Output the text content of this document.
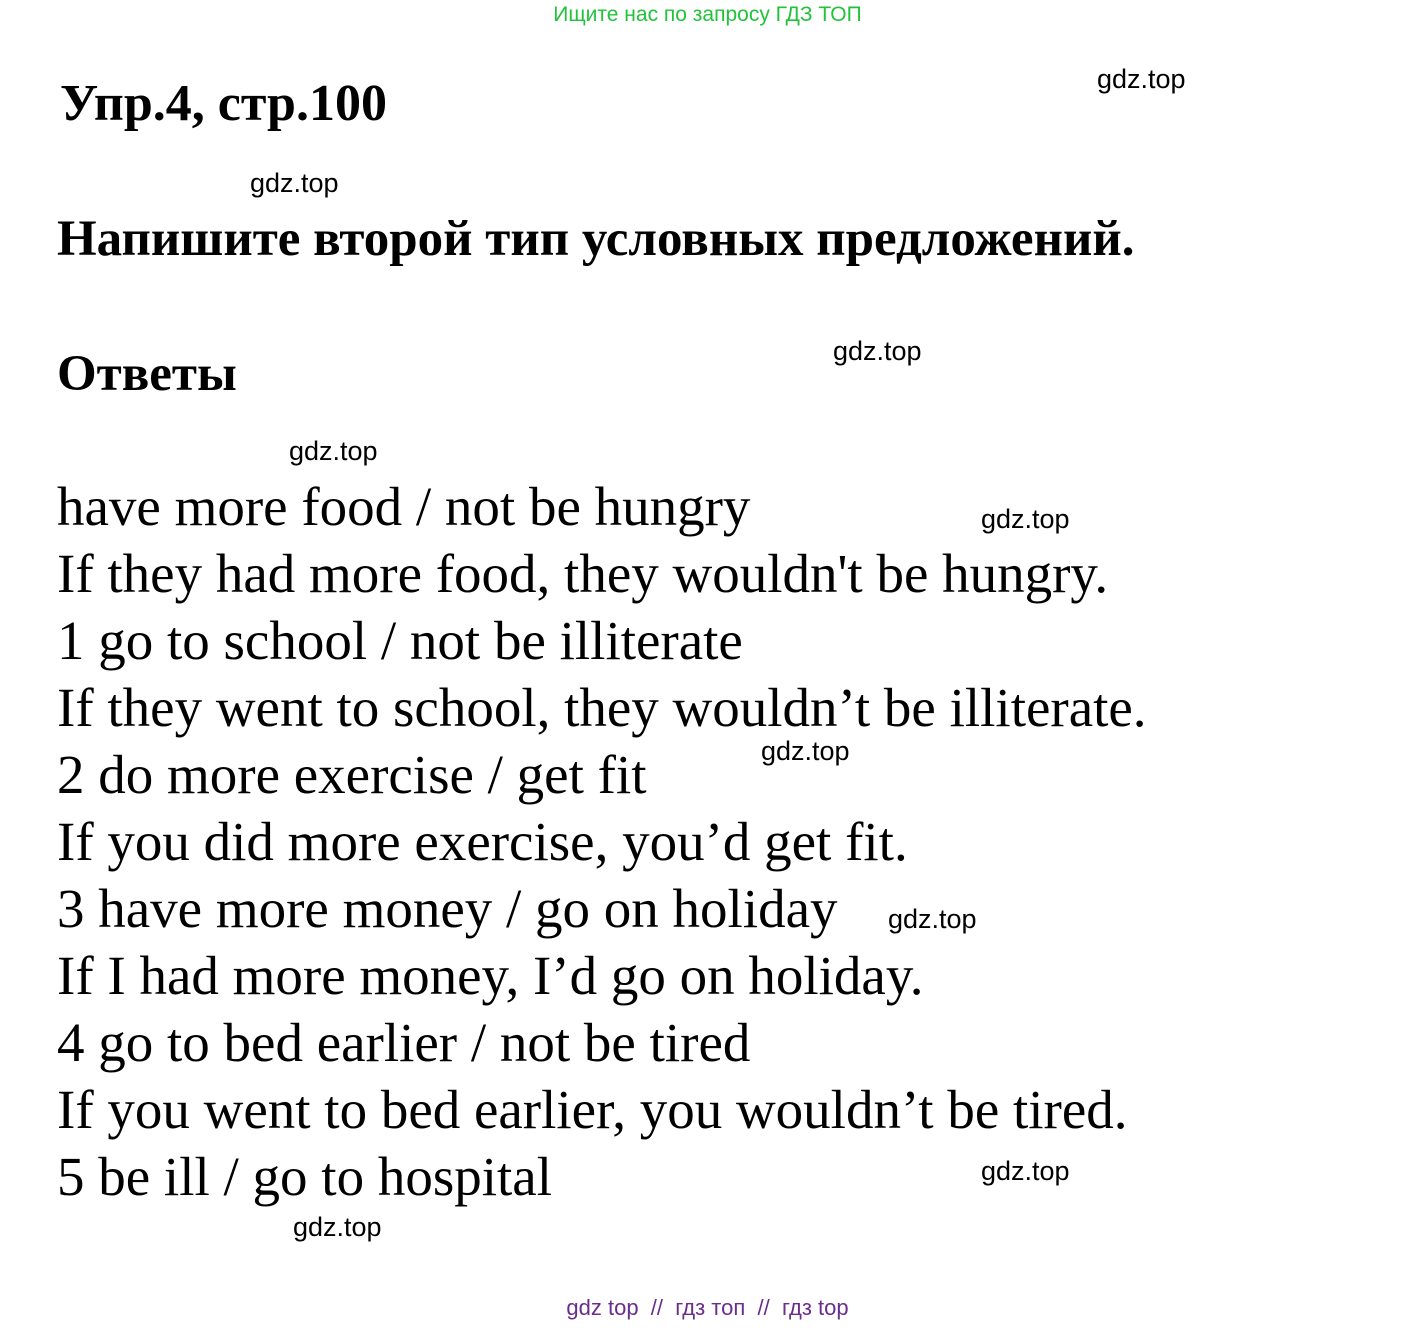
Ищите нас по запросу ГДЗ ТОП
Упр.4, стр.100
Напишите второй тип условных предложений.
Ответы
have more food / not be hungry
If they had more food, they wouldn't be hungry.
1 go to school / not be illiterate
If they went to school, they wouldn’t be illiterate.
2 do more exercise / get fit
If you did more exercise, you’d get fit.
3 have more money / go on holiday
If I had more money, I’d go on holiday.
4 go to bed earlier / not be tired
If you went to bed earlier, you wouldn’t be tired.
5 be ill / go to hospital
gdz.top
gdz.top
gdz.top
gdz.top
gdz.top
gdz.top
gdz.top
gdz.top
gdz.top
gdz top  //  гдз топ  //  гдз top
